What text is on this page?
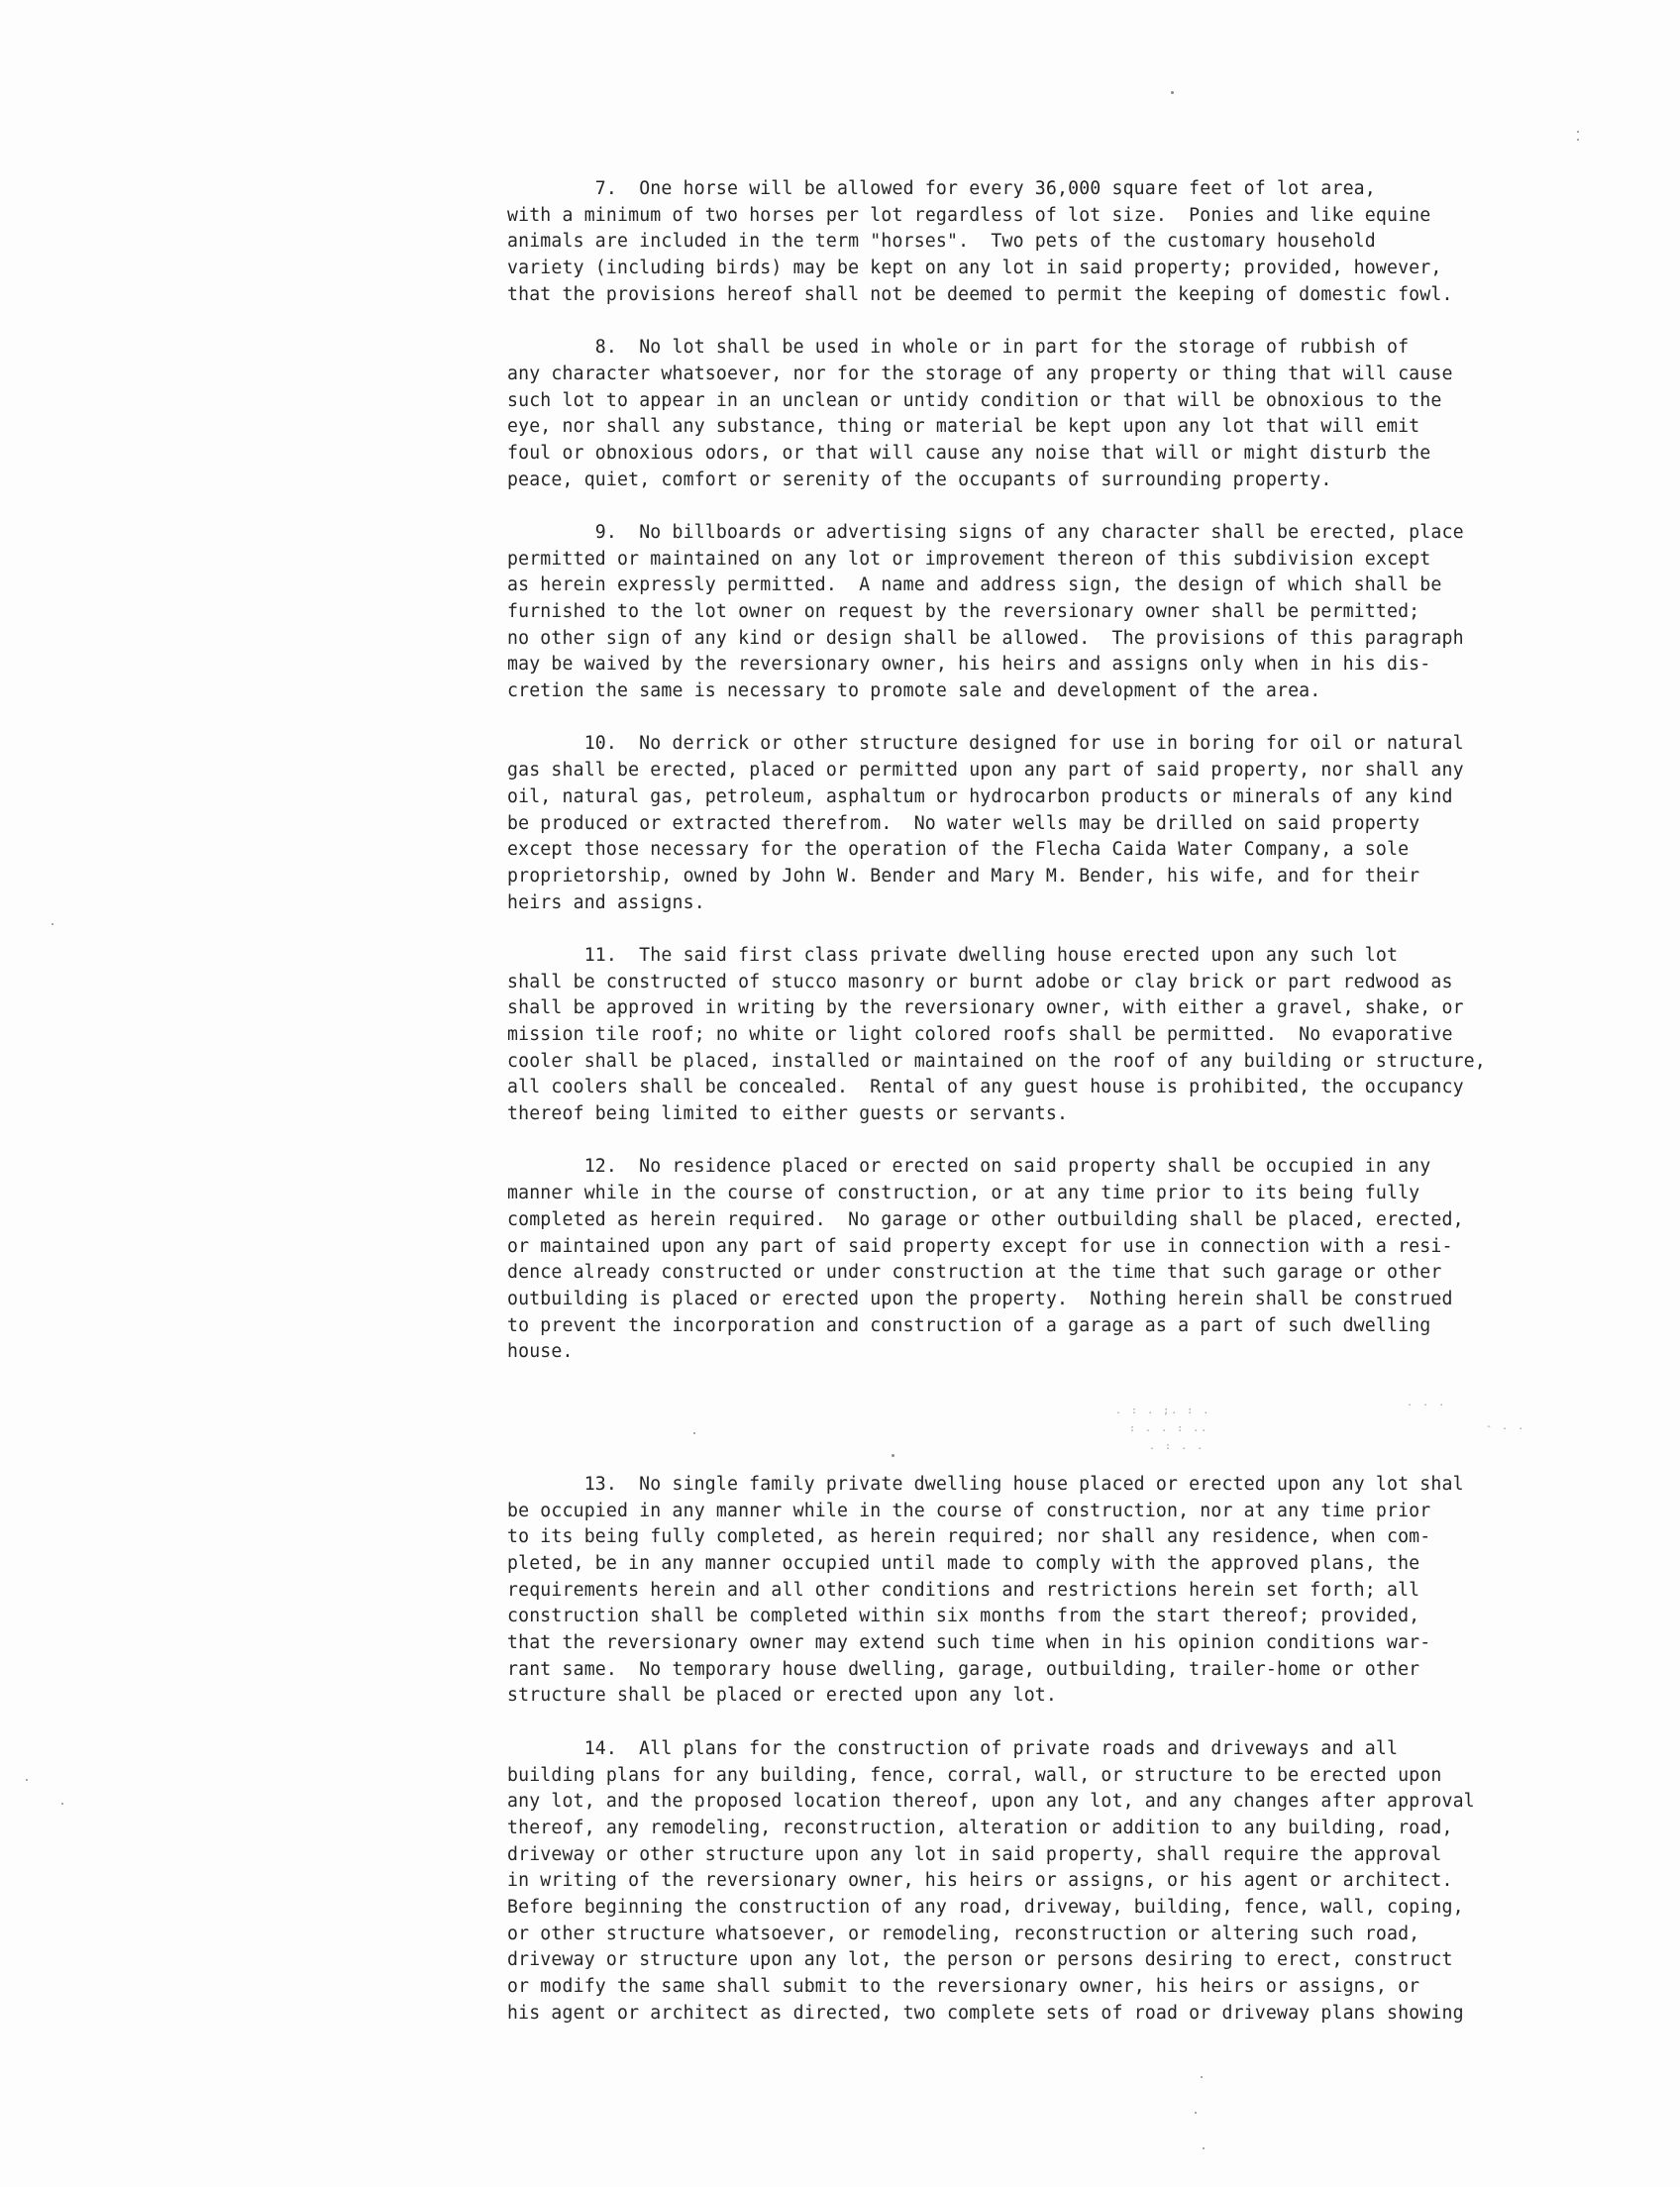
. : . ;. : .
: . . : ..
. : . .
. . .
- . .
7.  One horse will be allowed for every 36,000 square feet of lot area,
with a minimum of two horses per lot regardless of lot size.  Ponies and like equine
animals are included in the term "horses".  Two pets of the customary household
variety (including birds) may be kept on any lot in said property; provided, however,
that the provisions hereof shall not be deemed to permit the keeping of domestic fowl.
8.  No lot shall be used in whole or in part for the storage of rubbish of
any character whatsoever, nor for the storage of any property or thing that will cause
such lot to appear in an unclean or untidy condition or that will be obnoxious to the
eye, nor shall any substance, thing or material be kept upon any lot that will emit
foul or obnoxious odors, or that will cause any noise that will or might disturb the
peace, quiet, comfort or serenity of the occupants of surrounding property.
9.  No billboards or advertising signs of any character shall be erected, place
permitted or maintained on any lot or improvement thereon of this subdivision except
as herein expressly permitted.  A name and address sign, the design of which shall be
furnished to the lot owner on request by the reversionary owner shall be permitted;
no other sign of any kind or design shall be allowed.  The provisions of this paragraph
may be waived by the reversionary owner, his heirs and assigns only when in his dis-
cretion the same is necessary to promote sale and development of the area.
10.  No derrick or other structure designed for use in boring for oil or natural
gas shall be erected, placed or permitted upon any part of said property, nor shall any
oil, natural gas, petroleum, asphaltum or hydrocarbon products or minerals of any kind
be produced or extracted therefrom.  No water wells may be drilled on said property
except those necessary for the operation of the Flecha Caida Water Company, a sole
proprietorship, owned by John W. Bender and Mary M. Bender, his wife, and for their
heirs and assigns.
11.  The said first class private dwelling house erected upon any such lot
shall be constructed of stucco masonry or burnt adobe or clay brick or part redwood as
shall be approved in writing by the reversionary owner, with either a gravel, shake, or
mission tile roof; no white or light colored roofs shall be permitted.  No evaporative
cooler shall be placed, installed or maintained on the roof of any building or structure,
all coolers shall be concealed.  Rental of any guest house is prohibited, the occupancy
thereof being limited to either guests or servants.
12.  No residence placed or erected on said property shall be occupied in any
manner while in the course of construction, or at any time prior to its being fully
completed as herein required.  No garage or other outbuilding shall be placed, erected,
or maintained upon any part of said property except for use in connection with a resi-
dence already constructed or under construction at the time that such garage or other
outbuilding is placed or erected upon the property.  Nothing herein shall be construed
to prevent the incorporation and construction of a garage as a part of such dwelling
house.
13.  No single family private dwelling house placed or erected upon any lot shal
be occupied in any manner while in the course of construction, nor at any time prior
to its being fully completed, as herein required; nor shall any residence, when com-
pleted, be in any manner occupied until made to comply with the approved plans, the
requirements herein and all other conditions and restrictions herein set forth; all
construction shall be completed within six months from the start thereof; provided,
that the reversionary owner may extend such time when in his opinion conditions war-
rant same.  No temporary house dwelling, garage, outbuilding, trailer-home or other
structure shall be placed or erected upon any lot.
14.  All plans for the construction of private roads and driveways and all
building plans for any building, fence, corral, wall, or structure to be erected upon
any lot, and the proposed location thereof, upon any lot, and any changes after approval
thereof, any remodeling, reconstruction, alteration or addition to any building, road,
driveway or other structure upon any lot in said property, shall require the approval
in writing of the reversionary owner, his heirs or assigns, or his agent or architect.
Before beginning the construction of any road, driveway, building, fence, wall, coping,
or other structure whatsoever, or remodeling, reconstruction or altering such road,
driveway or structure upon any lot, the person or persons desiring to erect, construct
or modify the same shall submit to the reversionary owner, his heirs or assigns, or
his agent or architect as directed, two complete sets of road or driveway plans showing
